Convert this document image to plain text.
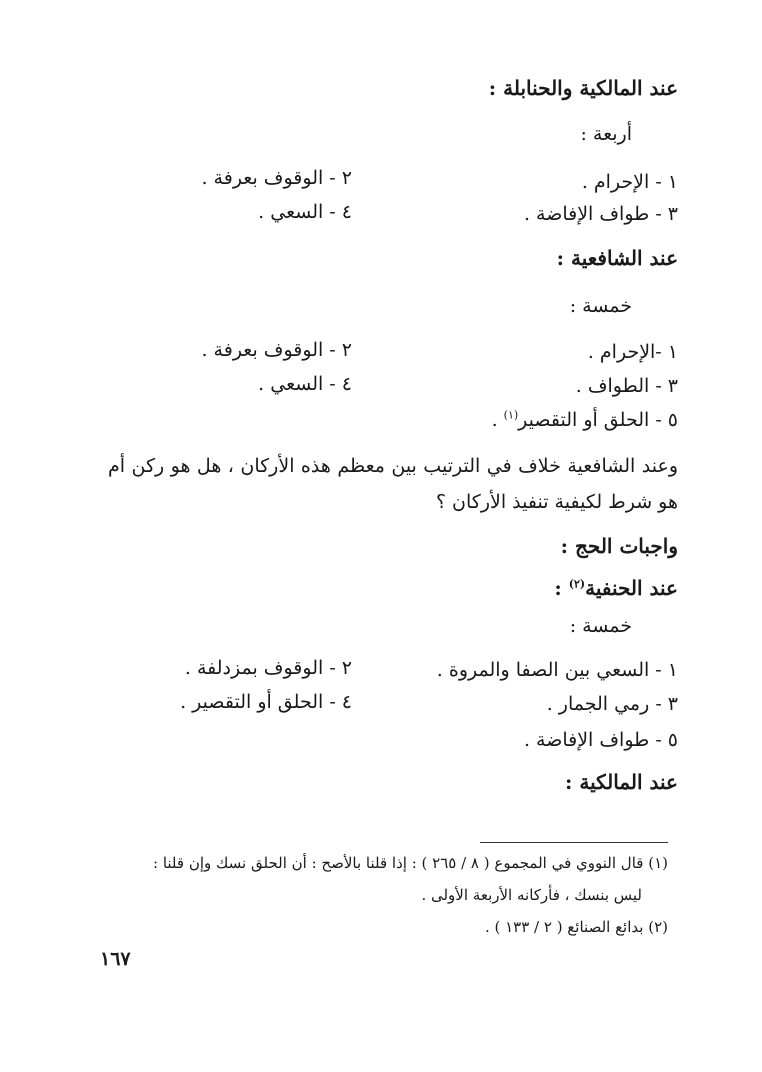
عند المالكية والحنابلة :
أربعة :
١ - الإحرام .
٢ - الوقوف بعرفة .
٣ - طواف الإفاضة .
٤ - السعي .
عند الشافعية :
خمسة :
١ -الإحرام .
٢ - الوقوف بعرفة .
٣ - الطواف .
٤ - السعي .
٥ - الحلق أو التقصير$^{(١)}$ .
وعند الشافعية خلاف في الترتيب بين معظم هذه الأركان ، هل هو ركن أم هو شرط لكيفية تنفيذ الأركان ؟
واجبات الحج :
عند الحنفية$^{(٢)}$ :
خمسة :
١ - السعي بين الصفا والمروة .
٢ - الوقوف بمزدلفة .
٣ - رمي الجمار .
٤ - الحلق أو التقصير .
٥ - طواف الإفاضة .
عند المالكية :
(١) قال النووي في المجموع ( ٨ / ٢٦٥ ) : إذا قلنا بالأصح : أن الحلق نسك وإن قلنا :
ليس بنسك ، فأركانه الأربعة الأولى .
(٢) بدائع الصنائع ( ٢ / ١٣٣ ) .
١٦٧
